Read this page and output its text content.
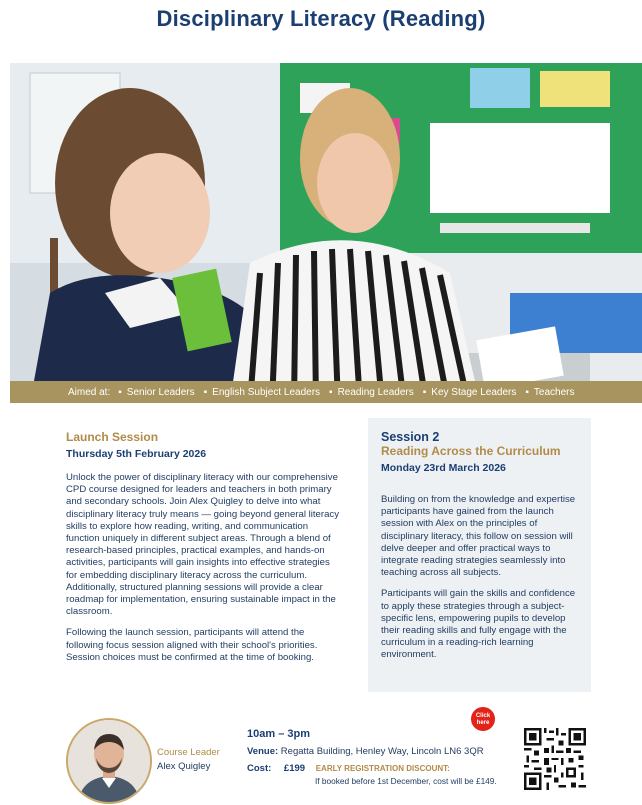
Disciplinary Literacy (Reading)
Aimed at:	▪ Senior Leaders	▪ English Subject Leaders	▪ Reading Leaders	▪ Key Stage Leaders	▪ Teachers
Launch Session
Thursday 5th February 2026

Unlock the power of disciplinary literacy with our comprehensive CPD course designed for leaders and teachers in both primary and secondary schools. Join Alex Quigley to delve into what disciplinary literacy truly means — going beyond general literacy skills to explore how reading, writing, and communication function uniquely in different subject areas. Through a blend of research-based principles, practical examples, and hands-on activities, participants will gain insights into effective strategies for embedding disciplinary literacy across the curriculum. Additionally, structured planning sessions will provide a clear roadmap for implementation, ensuring sustainable impact in the classroom.

Following the launch session, participants will attend the following focus session aligned with their school's priorities. Session choices must be confirmed at the time of booking.

Session 2
Reading Across the Curriculum
Monday 23rd March 2026

Building on from the knowledge and expertise participants have gained from the launch session with Alex on the principles of disciplinary literacy, this follow on session will delve deeper and offer practical ways to integrate reading strategies seamlessly into teaching across all subjects.

Participants will gain the skills and confidence to apply these strategies through a subject-specific lens, empowering pupils to develop their reading skills and fully engage with the curriculum in a reading-rich learning environment.

Course Leader
Alex Quigley
10am – 3pm
Venue: Regatta Building, Henley Way, Lincoln LN6 3QR
Cost: £199 EARLY REGISTRATION DISCOUNT:
If booked before 1st December, cost will be £149.
Click here
